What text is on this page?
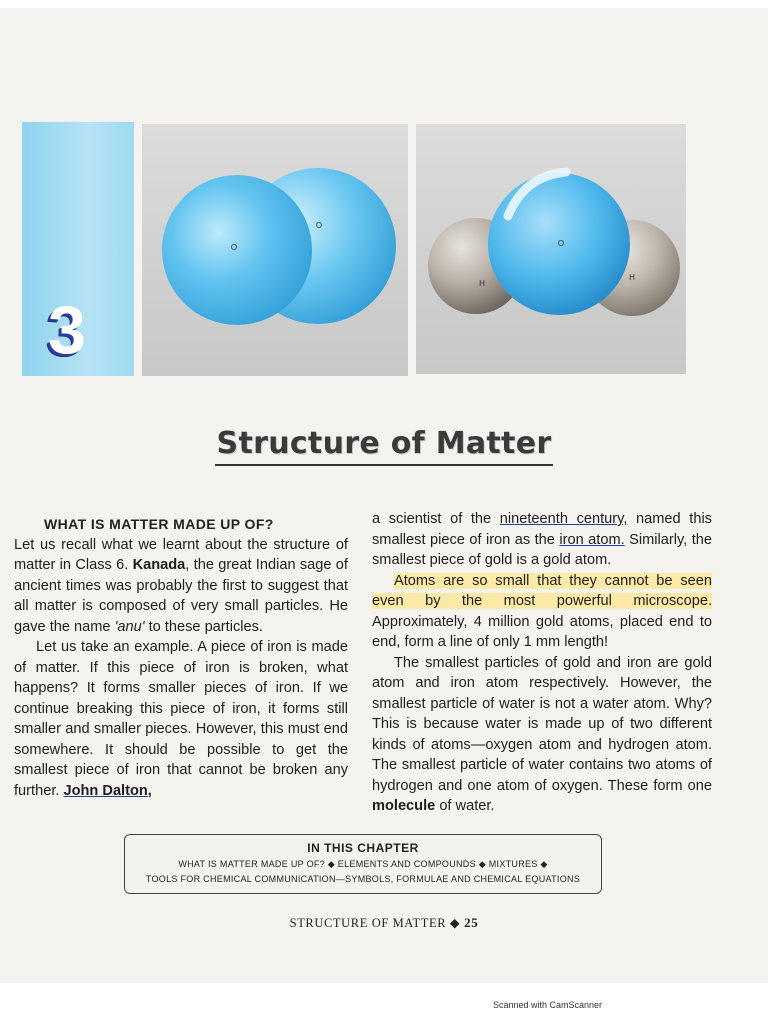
3
O
O
O
H
H
Structure of Matter

WHAT IS MATTER MADE UP OF?

Let us recall what we learnt about the structure of matter in Class 6. Kanada, the great Indian sage of ancient times was probably the first to suggest that all matter is composed of very small particles. He gave the name 'anu' to these particles.

Let us take an example. A piece of iron is made of matter. If this piece of iron is broken, what happens? It forms smaller pieces of iron. If we continue breaking this piece of iron, it forms still smaller and smaller pieces. However, this must end somewhere. It should be possible to get the smallest piece of iron that cannot be broken any further. John Dalton,

a scientist of the nineteenth century, named this smallest piece of iron as the iron atom. Similarly, the smallest piece of gold is a gold atom.

Atoms are so small that they cannot be seen even by the most powerful microscope. Approximately, 4 million gold atoms, placed end to end, form a line of only 1 mm length!

The smallest particles of gold and iron are gold atom and iron atom respectively. However, the smallest particle of water is not a water atom. Why? This is because water is made up of two different kinds of atoms—oxygen atom and hydrogen atom. The smallest particle of water contains two atoms of hydrogen and one atom of oxygen. These form one molecule of water.

IN THIS CHAPTER
WHAT IS MATTER MADE UP OF? ◆ ELEMENTS AND COMPOUNDS ◆ MIXTURES ◆
TOOLS FOR CHEMICAL COMMUNICATION—SYMBOLS, FORMULAE AND CHEMICAL EQUATIONS
STRUCTURE OF MATTER ◆ 25
Scanned with CamScanner
